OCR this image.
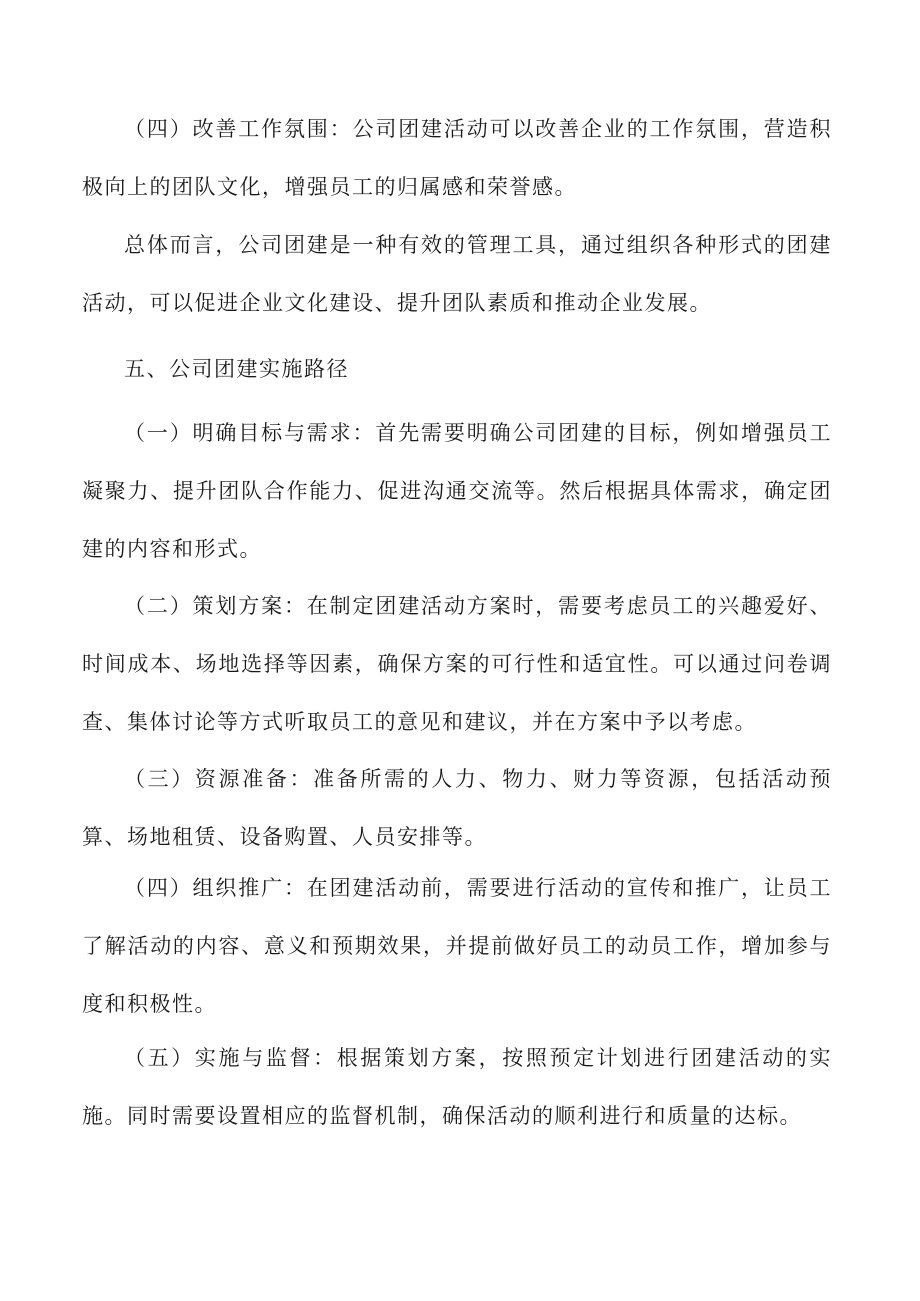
（四）改善工作氛围：公司团建活动可以改善企业的工作氛围，营造积极向上的团队文化，增强员工的归属感和荣誉感。

总体而言，公司团建是一种有效的管理工具，通过组织各种形式的团建活动，可以促进企业文化建设、提升团队素质和推动企业发展。

五、公司团建实施路径

（一）明确目标与需求：首先需要明确公司团建的目标，例如增强员工凝聚力、提升团队合作能力、促进沟通交流等。然后根据具体需求，确定团建的内容和形式。

（二）策划方案：在制定团建活动方案时，需要考虑员工的兴趣爱好、时间成本、场地选择等因素，确保方案的可行性和适宜性。可以通过问卷调查、集体讨论等方式听取员工的意见和建议，并在方案中予以考虑。

（三）资源准备：准备所需的人力、物力、财力等资源，包括活动预算、场地租赁、设备购置、人员安排等。

（四）组织推广：在团建活动前，需要进行活动的宣传和推广，让员工了解活动的内容、意义和预期效果，并提前做好员工的动员工作，增加参与度和积极性。

（五）实施与监督：根据策划方案，按照预定计划进行团建活动的实施。同时需要设置相应的监督机制，确保活动的顺利进行和质量的达标。
